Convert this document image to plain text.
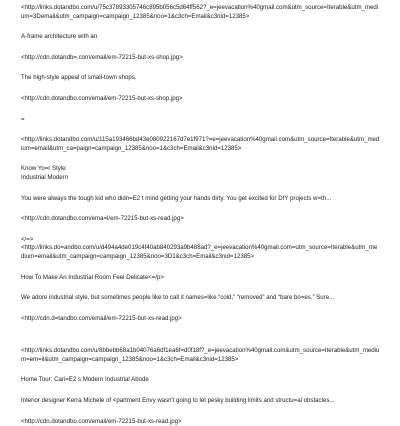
<http://links.dotandbo.com/u/75c37893305746c895b056c5d64ff562?_e=jeevacation%40gmail.com&utm_source=Iterable&utm_medium=3Demail&utm_campaign=campaign_12385&noo=1&c3ch=Email&c3nid=12385>

A-frame architecture with an

<http://cdn.dotandb=.com/email/em-72215-but-xs-shop.jpg>

The high-style appeal of small-town shops.

<http://cdn.dotandbo.com/email/em-72215-but-xs-shop.jpg>

=

<http://links.dotandbo.com/u/115a193466bd43e080922167d7e1f971?=e=jeevacation%40gmail.com&utm_source=Iterable&utm_medium=email&utm_ca=paign=campaign_12385&noo=1&c3ch=Email&c3nid=12385>

Know Yo=r Style:

Industrial Modern

You were always the tough kid who didn=E2 t mind getting your hands dirty. You get excited for DIY projects w=th...

<http://cdn.dotandbo.com/ema=l/em-72215-but-xs-read.jpg>

</=>

<http://links.do=andbo.com/u/d494a4de019c4f40ab840293a9b488ad?_e=jeevacation%40gmail.com=utm_source=Iterable&utm_medium=email&utm_campaign=campaign_12385&noo=3D1&c3ch=Email&c3nid=12385>

How To Make An Industrial Room Feel Delicate<=/p>

We adore industrial style, but sometimes people like to call it names=like “cold,” “removed” and “bare bo=es.” Sure...

<http://cdn.d=tandbo.com/email/em-72215-but-xs-read.jpg>

<http://links.dotandbo.com/u/8bbebb68a1b04076a6df1ea6f=d0f18f?_e=jeevacation%40gmail.com&utm_source=Iterable&utm_medium=em=il&utm_campaign=campaign_12385&noo=1&c3ch=Email&c3nid=12385>

Home Tour: Cari=E2 s Modern Industrial Abode

Interior designer Kerra Michele of <partment Envy wasn't going to let pesky building limits and structu=al obstacles...

<http://cdn.dotandbo.com/email/em-72215-but-xs-read.jpg>
